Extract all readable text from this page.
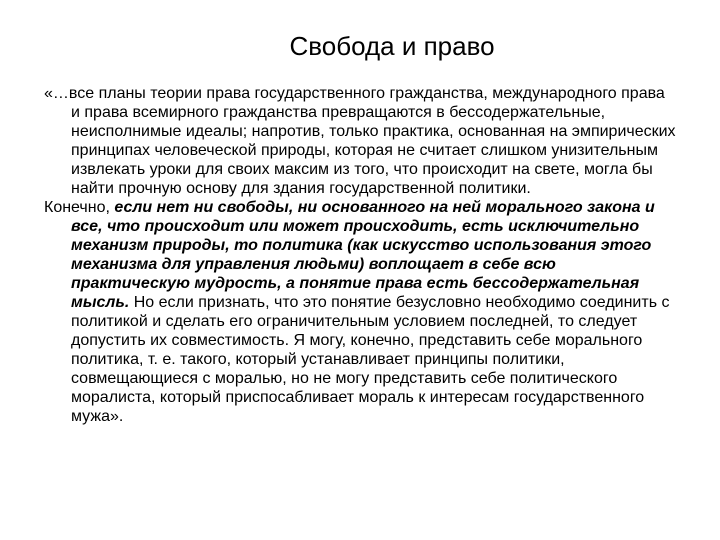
Свобода и право

«…все планы теории права государственного гражданства, международного права и права всемирного гражданства превращаются в бессодержательные, неисполнимые идеалы; напротив, только практика, основанная на эмпирических принципах человеческой природы, которая не считает слишком унизительным извлекать уроки для своих максим из того, что происходит на свете, могла бы найти прочную основу для здания государственной политики.

Конечно, если нет ни свободы, ни основанного на ней морального закона и все, что происходит или может происходить, есть исключительно механизм природы, то политика (как искусство использования этого механизма для управления людьми) воплощает в себе всю практическую мудрость, а понятие права есть бессодержательная мысль. Но если признать, что это понятие безусловно необходимо соединить с политикой и сделать его ограничительным условием последней, то следует допустить их совместимость. Я могу, конечно, представить себе морального политика, т. е. такого, который устанавливает принципы политики, совмещающиеся с моралью, но не могу представить себе политического моралиста, который приспосабливает мораль к интересам государственного мужа».
